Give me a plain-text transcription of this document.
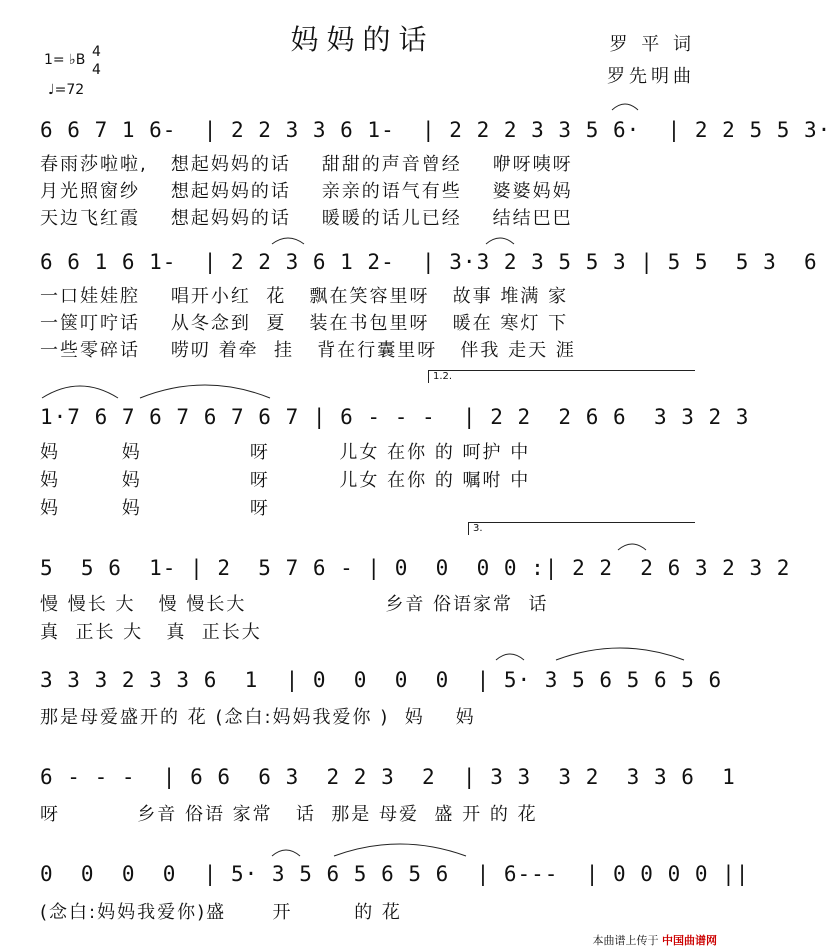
妈妈的话	罗 平 词
罗先明曲
1= ♭B 4
4
♩=72
6 6 7 1 6-  | 2 2 3 3 6 1-  | 2 2 2 3 3 5 6·  | 2 2 5 5 3·
春雨莎啦啦,   想起妈妈的话    甜甜的声音曾经    咿呀咦呀
月光照窗纱    想起妈妈的话    亲亲的语气有些    婆婆妈妈
天边飞红霞    想起妈妈的话    暖暖的话儿已经    结结巴巴
6 6 1 6 1-  | 2 2 3 6 1 2-  | 3·3 2 3 5 5 3 | 5 5  5 3  6
一口娃娃腔    唱开小红  花   飘在笑容里呀   故事 堆满 家
一箧叮咛话    从冬念到  夏   装在书包里呀   暖在 寒灯 下
一些零碎话    唠叨 着牵  挂   背在行囊里呀   伴我 走天 涯
1.2.
1·7 6 7 6 7 6 7 6 7 | 6 - - -  | 2 2  2 6 6  3 3 2 3
妈        妈              呀         儿女 在你 的 呵护 中
妈        妈              呀         儿女 在你 的 嘱咐 中
妈        妈              呀
3.
5  5 6  1- | 2  5 7 6 - | 0  0  0 0 :| 2 2  2 6 3 2 3 2
慢 慢长 大   慢 慢长大                  乡音 俗语家常  话
真  正长 大   真  正长大
3 3 3 2 3 3 6  1  | 0  0  0  0  | 5· 3 5 6 5 6 5 6
那是母爱盛开的 花 (念白:妈妈我爱你 )  妈    妈
6 - - -  | 6 6  6 3  2 2 3  2  | 3 3  3 2  3 3 6  1
呀          乡音 俗语 家常   话  那是 母爱  盛 开 的 花
0  0  0  0  | 5· 3 5 6 5 6 5 6  | 6---  | 0 0 0 0 ||
(念白:妈妈我爱你)盛      开        的 花
本曲谱上传于 中国曲谱网
